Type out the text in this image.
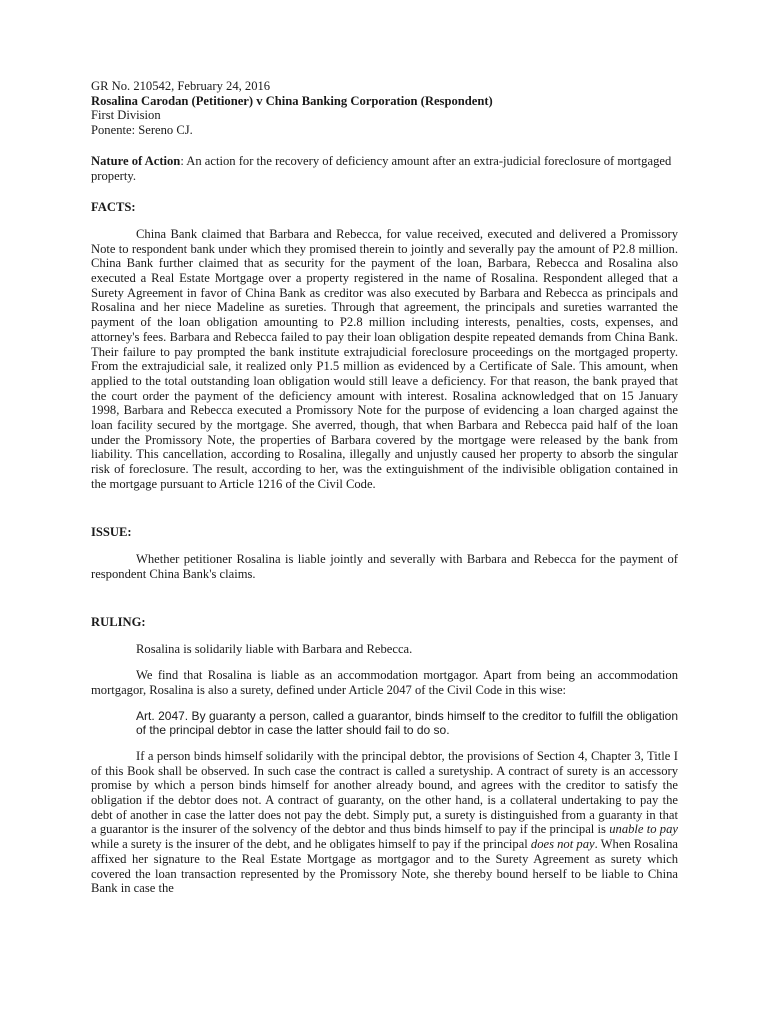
GR No. 210542, February 24, 2016

Rosalina Carodan (Petitioner) v China Banking Corporation (Respondent)

First Division

Ponente: Sereno CJ.

Nature of Action: An action for the recovery of deficiency amount after an extra-judicial foreclosure of mortgaged property.

FACTS:

China Bank claimed that Barbara and Rebecca, for value received, executed and delivered a Promissory Note to respondent bank under which they promised therein to jointly and severally pay the amount of P2.8 million. China Bank further claimed that as security for the payment of the loan, Barbara, Rebecca and Rosalina also executed a Real Estate Mortgage over a property registered in the name of Rosalina. Respondent alleged that a Surety Agreement in favor of China Bank as creditor was also executed by Barbara and Rebecca as principals and Rosalina and her niece Madeline as sureties. Through that agreement, the principals and sureties warranted the payment of the loan obligation amounting to P2.8 million including interests, penalties, costs, expenses, and attorney's fees. Barbara and Rebecca failed to pay their loan obligation despite repeated demands from China Bank. Their failure to pay prompted the bank institute extrajudicial foreclosure proceedings on the mortgaged property. From the extrajudicial sale, it realized only P1.5 million as evidenced by a Certificate of Sale. This amount, when applied to the total outstanding loan obligation would still leave a deficiency. For that reason, the bank prayed that the court order the payment of the deficiency amount with interest. Rosalina acknowledged that on 15 January 1998, Barbara and Rebecca executed a Promissory Note for the purpose of evidencing a loan charged against the loan facility secured by the mortgage. She averred, though, that when Barbara and Rebecca paid half of the loan under the Promissory Note, the properties of Barbara covered by the mortgage were released by the bank from liability. This cancellation, according to Rosalina, illegally and unjustly caused her property to absorb the singular risk of foreclosure. The result, according to her, was the extinguishment of the indivisible obligation contained in the mortgage pursuant to Article 1216 of the Civil Code.

ISSUE:

Whether petitioner Rosalina is liable jointly and severally with Barbara and Rebecca for the payment of respondent China Bank's claims.

RULING:

Rosalina is solidarily liable with Barbara and Rebecca.

We find that Rosalina is liable as an accommodation mortgagor. Apart from being an accommodation mortgagor, Rosalina is also a surety, defined under Article 2047 of the Civil Code in this wise:

Art. 2047. By guaranty a person, called a guarantor, binds himself to the creditor to fulfill the obligation of the principal debtor in case the latter should fail to do so.

If a person binds himself solidarily with the principal debtor, the provisions of Section 4, Chapter 3, Title I of this Book shall be observed. In such case the contract is called a suretyship. A contract of surety is an accessory promise by which a person binds himself for another already bound, and agrees with the creditor to satisfy the obligation if the debtor does not. A contract of guaranty, on the other hand, is a collateral undertaking to pay the debt of another in case the latter does not pay the debt. Simply put, a surety is distinguished from a guaranty in that a guarantor is the insurer of the solvency of the debtor and thus binds himself to pay if the principal is unable to pay while a surety is the insurer of the debt, and he obligates himself to pay if the principal does not pay. When Rosalina affixed her signature to the Real Estate Mortgage as mortgagor and to the Surety Agreement as surety which covered the loan transaction represented by the Promissory Note, she thereby bound herself to be liable to China Bank in case the
